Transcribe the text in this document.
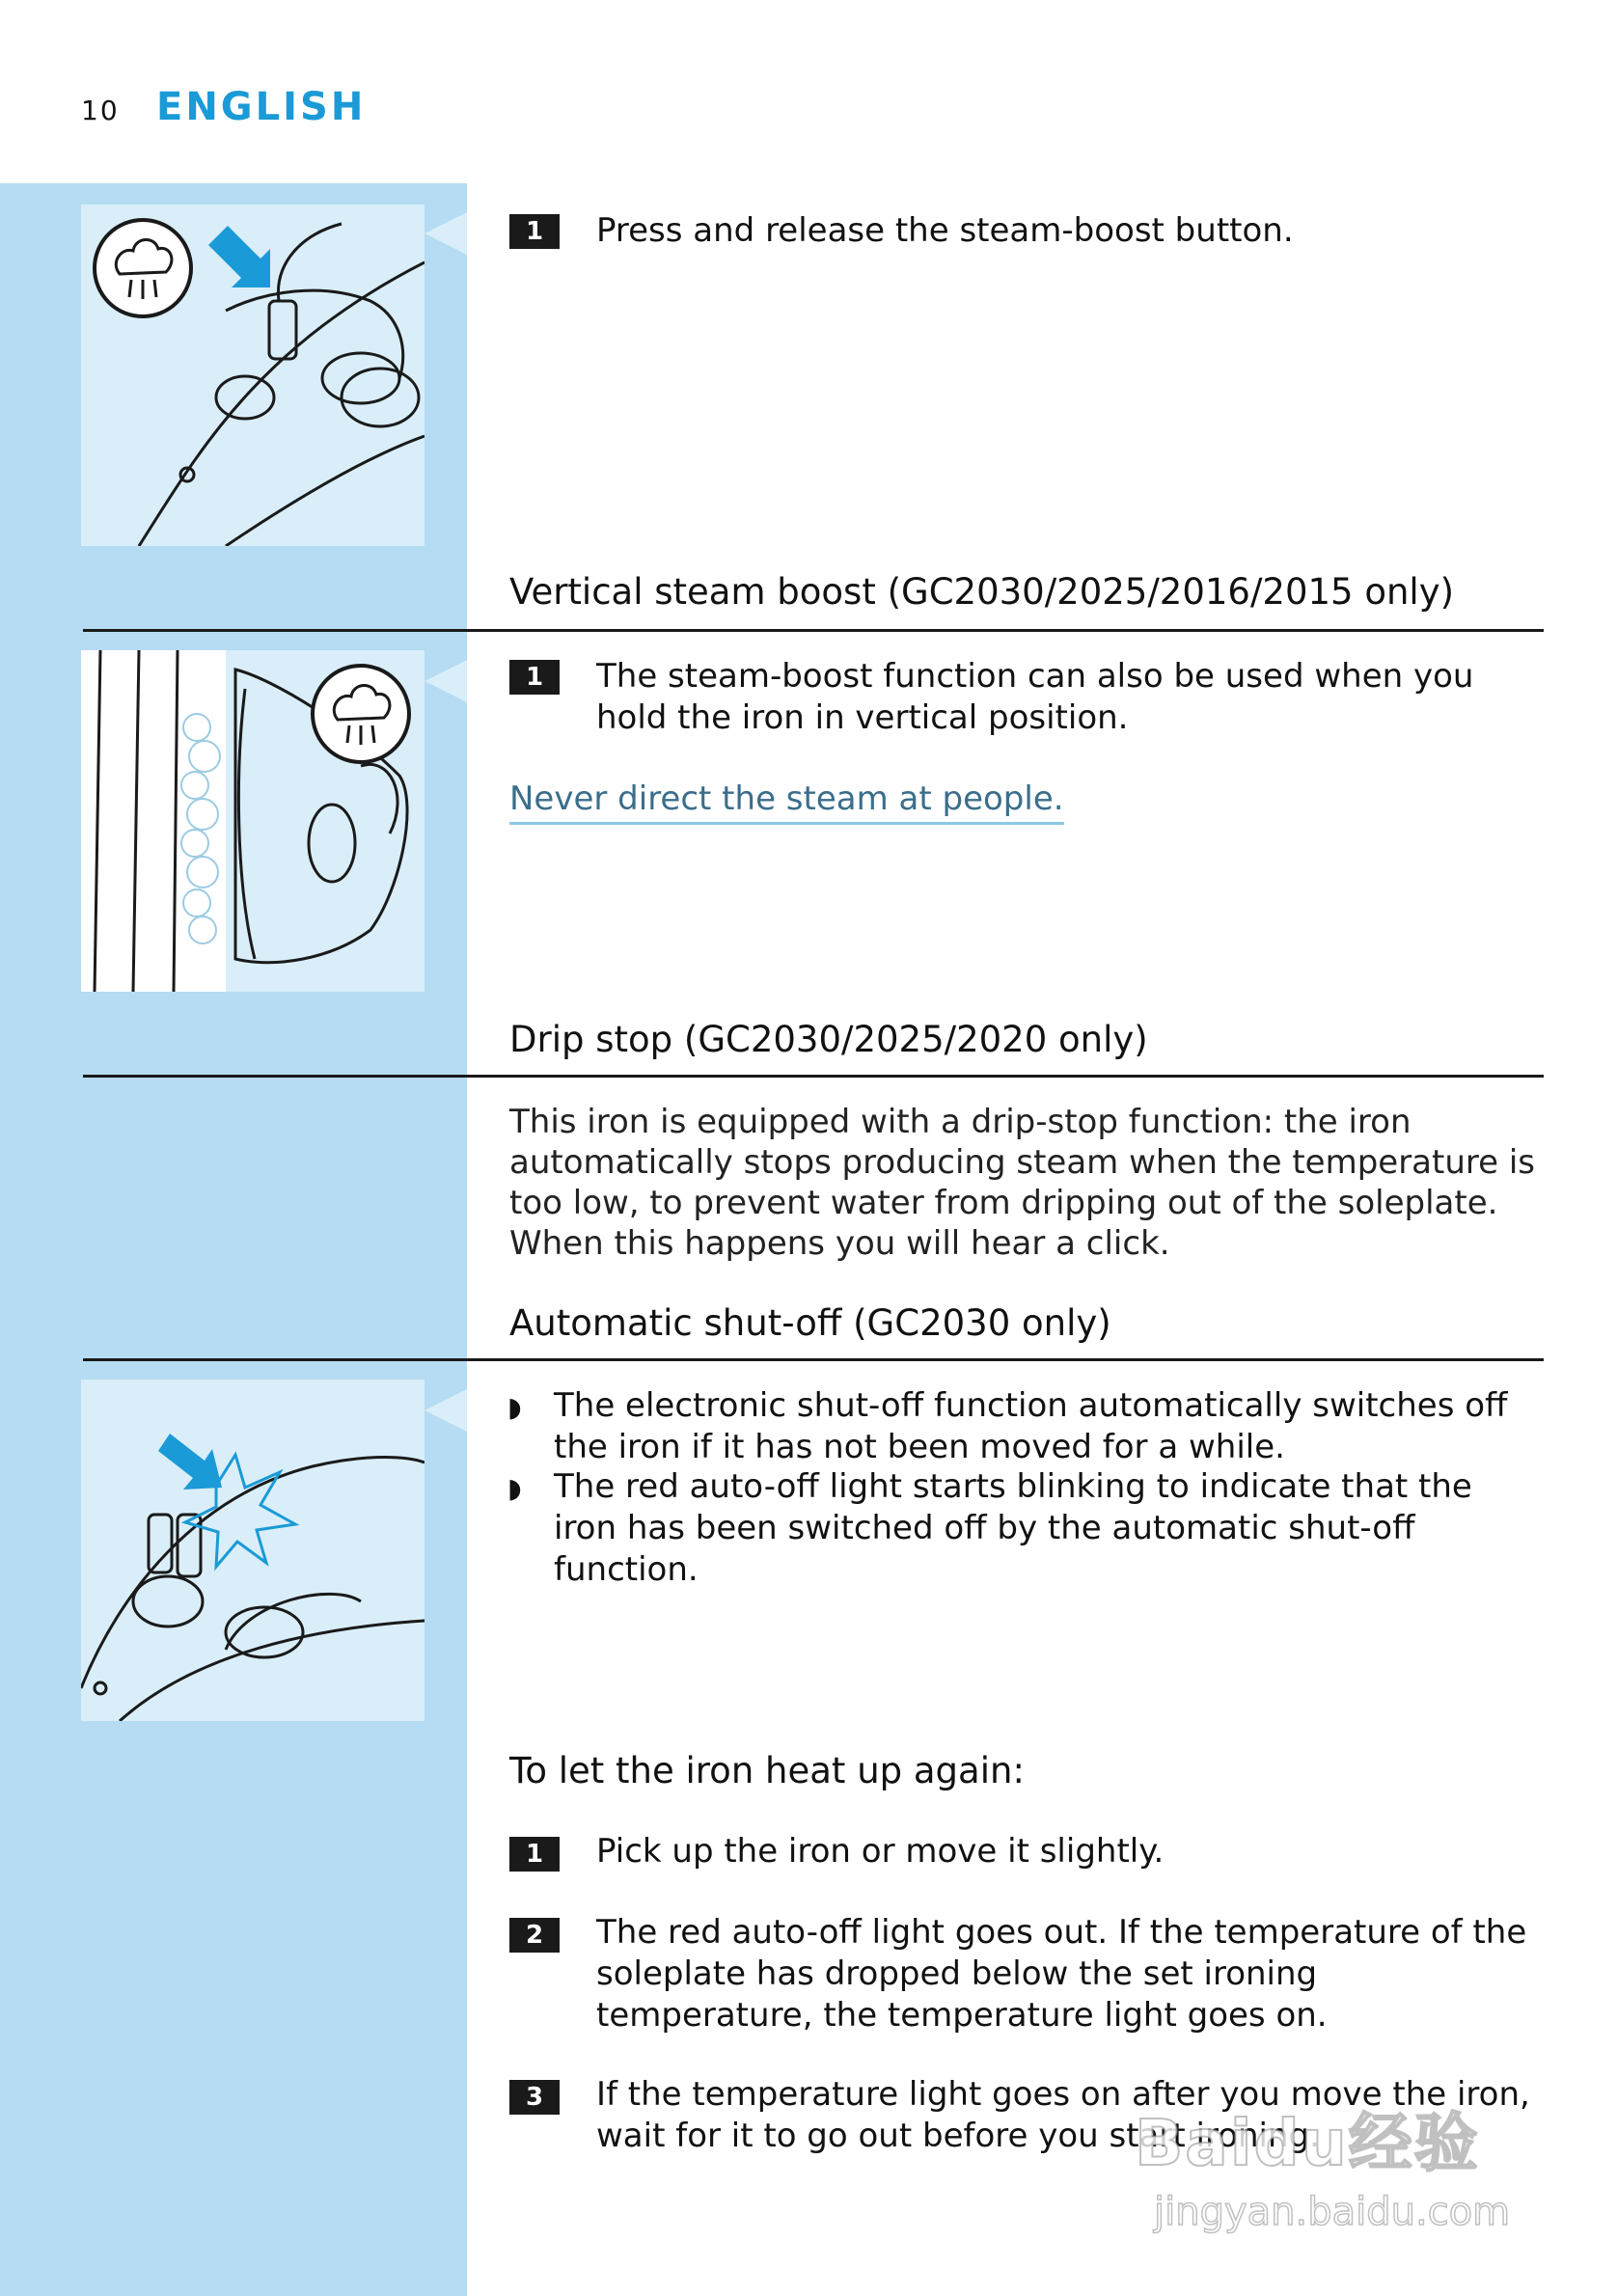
10 ENGLISH
1	Press and release the steam-boost button.
Vertical steam boost (GC2030/2025/2016/2015 only)
1	The steam-boost function can also be used when you hold the iron in vertical position.
Never direct the steam at people.
Drip stop (GC2030/2025/2020 only)
This iron is equipped with a drip-stop function: the iron automatically stops producing steam when the temperature is too low, to prevent water from dripping out of the soleplate. When this happens you will hear a click.
Automatic shut-off (GC2030 only)
◗ The electronic shut-off function automatically switches off the iron if it has not been moved for a while.
◗ The red auto-off light starts blinking to indicate that the iron has been switched off by the automatic shut-off function.
To let the iron heat up again:
1	Pick up the iron or move it slightly.
2	The red auto-off light goes out. If the temperature of the soleplate has dropped below the set ironing temperature, the temperature light goes on.
3	If the temperature light goes on after you move the iron, wait for it to go out before you start ironing.
Baidu经验
jingyan.baidu.com
